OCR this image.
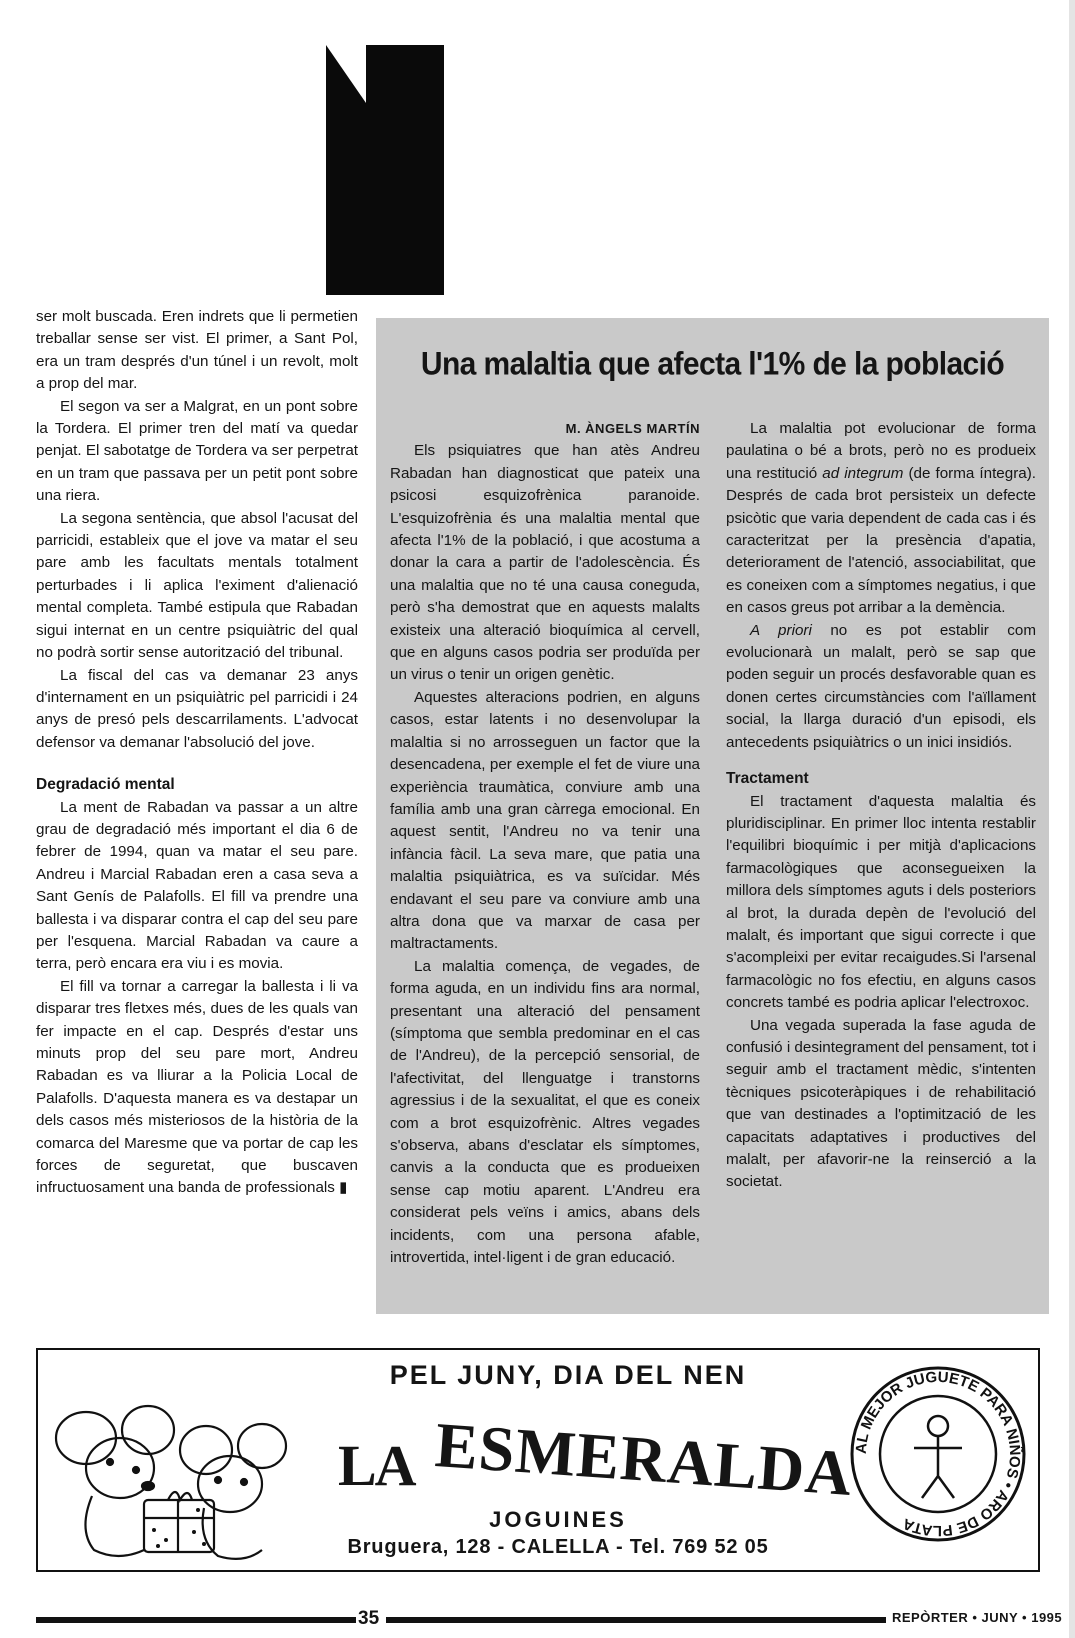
ser molt buscada. Eren indrets que li permetien treballar sense ser vist. El primer, a Sant Pol, era un tram després d'un túnel i un revolt, molt a prop del mar.

El segon va ser a Malgrat, en un pont sobre la Tordera. El primer tren del matí va quedar penjat. El sabotatge de Tordera va ser perpetrat en un tram que passava per un petit pont sobre una riera.

La segona sentència, que absol l'acusat del parricidi, estableix que el jove va matar el seu pare amb les facultats mentals totalment perturbades i li aplica l'eximent d'alienació mental completa. També estipula que Rabadan sigui internat en un centre psiquiàtric del qual no podrà sortir sense autorització del tribunal.

La fiscal del cas va demanar 23 anys d'internament en un psiquiàtric pel parricidi i 24 anys de presó pels descarrilaments. L'advocat defensor va demanar l'absolució del jove.

Degradació mental

La ment de Rabadan va passar a un altre grau de degradació més important el dia 6 de febrer de 1994, quan va matar el seu pare. Andreu i Marcial Rabadan eren a casa seva a Sant Genís de Palafolls. El fill va prendre una ballesta i va disparar contra el cap del seu pare per l'esquena. Marcial Rabadan va caure a terra, però encara era viu i es movia.

El fill va tornar a carregar la ballesta i li va disparar tres fletxes més, dues de les quals van fer impacte en el cap. Després d'estar uns minuts prop del seu pare mort, Andreu Rabadan es va lliurar a la Policia Local de Palafolls. D'aquesta manera es va destapar un dels casos més misteriosos de la història de la comarca del Maresme que va portar de cap les forces de seguretat, que buscaven infructuosament una banda de professionals ▮

Una malaltia que afecta l'1% de la població

M. ÀNGELS MARTÍN

Els psiquiatres que han atès Andreu Rabadan han diagnosticat que pateix una psicosi esquizofrènica paranoide. L'esquizofrènia és una malaltia mental que afecta l'1% de la població, i que acostuma a donar la cara a partir de l'adolescència. És una malaltia que no té una causa coneguda, però s'ha demostrat que en aquests malalts existeix una alteració bioquímica al cervell, que en alguns casos podria ser produïda per un virus o tenir un origen genètic.

Aquestes alteracions podrien, en alguns casos, estar latents i no desenvolupar la malaltia si no arrosseguen un factor que la desencadena, per exemple el fet de viure una experiència traumàtica, conviure amb una família amb una gran càrrega emocional. En aquest sentit, l'Andreu no va tenir una infància fàcil. La seva mare, que patia una malaltia psiquiàtrica, es va suïcidar. Més endavant el seu pare va conviure amb una altra dona que va marxar de casa per maltractaments.

La malaltia comença, de vegades, de forma aguda, en un individu fins ara normal, presentant una alteració del pensament (símptoma que sembla predominar en el cas de l'Andreu), de la percepció sensorial, de l'afectivitat, del llenguatge i transtorns agressius i de la sexualitat, el que es coneix com a brot esquizofrènic. Altres vegades s'observa, abans d'esclatar els símptomes, canvis a la conducta que es produeixen sense cap motiu aparent. L'Andreu era considerat pels veïns i amics, abans dels incidents, com una persona afable, introvertida, intel·ligent i de gran educació.

La malaltia pot evolucionar de forma paulatina o bé a brots, però no es produeix una restitució ad integrum (de forma íntegra). Després de cada brot persisteix un defecte psicòtic que varia dependent de cada cas i és caracteritzat per la presència d'apatia, deteriorament de l'atenció, associabilitat, que es coneixen com a símptomes negatius, i que en casos greus pot arribar a la demència.

A priori no es pot establir com evolucionarà un malalt, però se sap que poden seguir un procés desfavorable quan es donen certes circumstàncies com l'aïllament social, la llarga duració d'un episodi, els antecedents psiquiàtrics o un inici insidiós.

Tractament

El tractament d'aquesta malaltia és pluridisciplinar. En primer lloc intenta restablir l'equilibri bioquímic i per mitjà d'aplicacions farmacològiques que aconsegueixen la millora dels símptomes aguts i dels posteriors al brot, la durada depèn de l'evolució del malalt, és important que sigui correcte i que s'acompleixi per evitar recaigudes.Si l'arsenal farmacològic no fos efectiu, en alguns casos concrets també es podria aplicar l'electroxoc.

Una vegada superada la fase aguda de confusió i desintegrament del pensament, tot i seguir amb el tractament mèdic, s'intenten tècniques psicoteràpiques i de rehabilitació que van destinades a l'optimització de les capacitats adaptatives i productives del malalt, per afavorir-ne la reinserció a la societat.

PEL JUNY, DIA DEL NEN
LA ESMERALDA
JOGUINES
Bruguera, 128 - CALELLA - Tel. 769 52 05
AL MEJOR JUGUETE PARA NIÑOS • ARO DE PLATA
35	REPÒRTER • JUNY • 1995
